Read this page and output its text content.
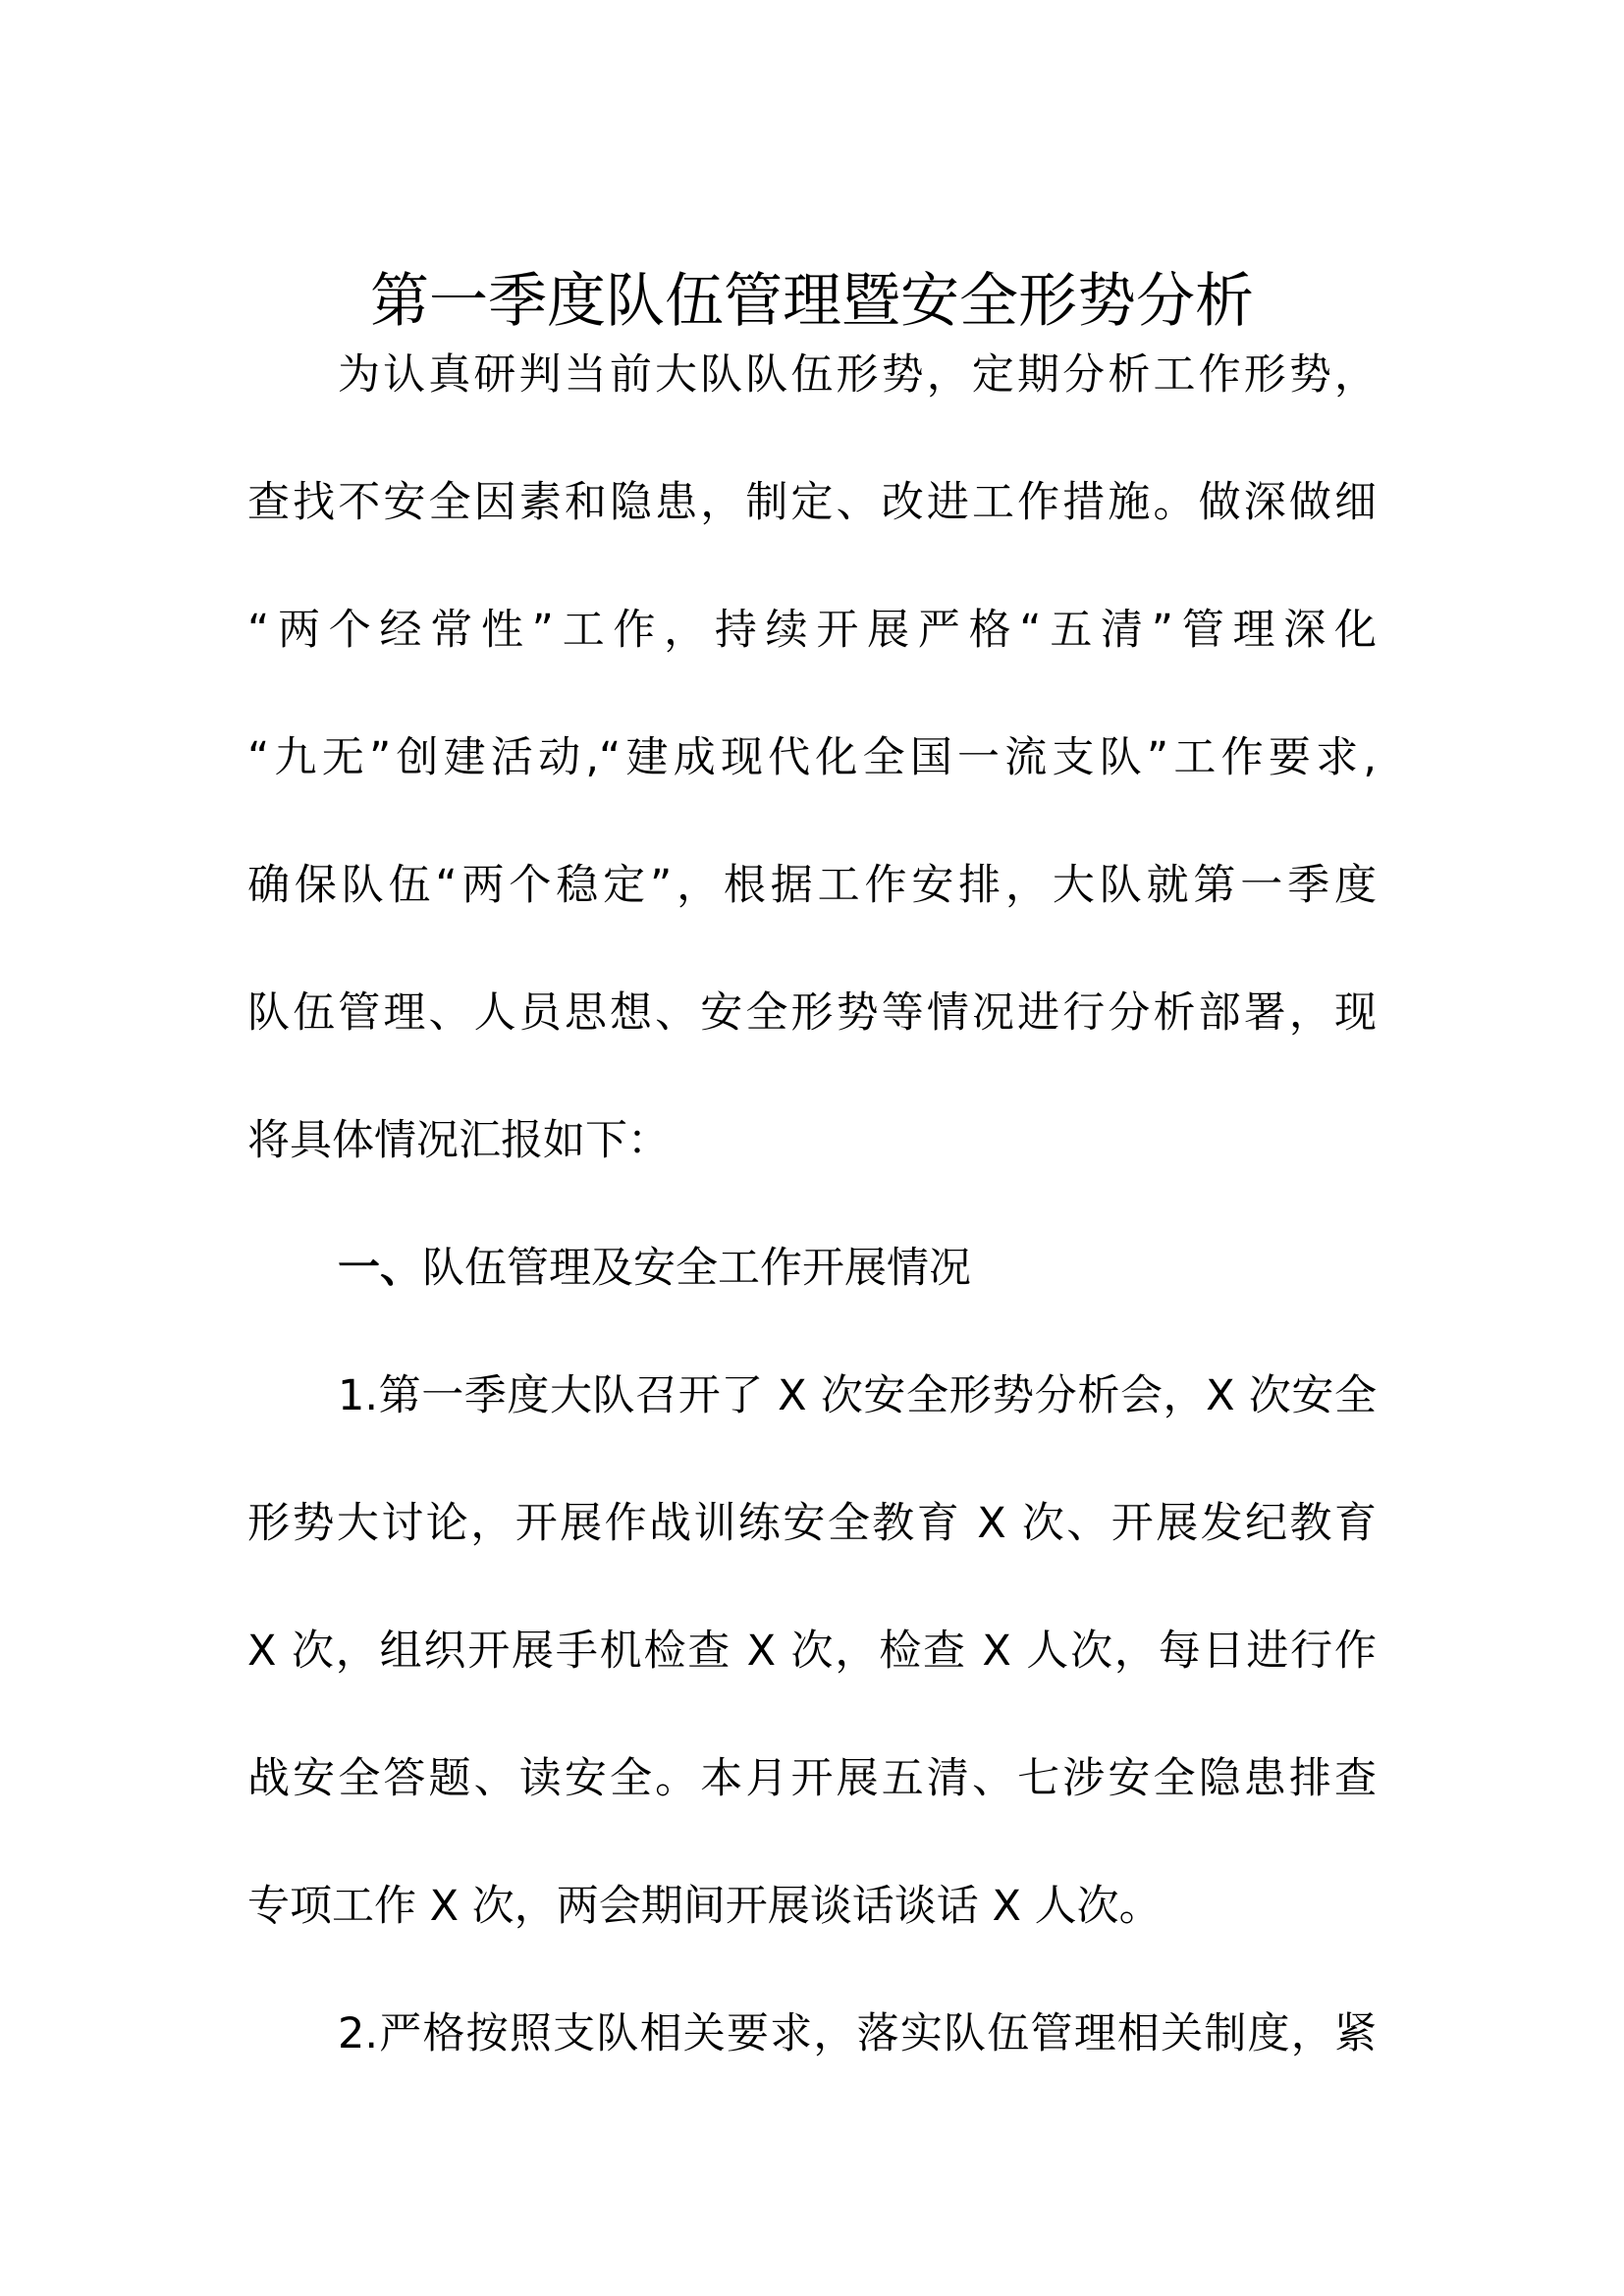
第一季度队伍管理暨安全形势分析
为认真研判当前大队队伍形势，定期分析工作形势，
查找不安全因素和隐患，制定、改进工作措施。做深做细
“两个经常性”工作，持续开展严格“五清”管理深化
“九无”创建活动,“建成现代化全国一流支队”工作要求,
确保队伍“两个稳定”，根据工作安排，大队就第一季度
队伍管理、人员思想、安全形势等情况进行分析部署，现
将具体情况汇报如下：
一、队伍管理及安全工作开展情况
1.第一季度大队召开了 X 次安全形势分析会，X 次安全
形势大讨论，开展作战训练安全教育 X 次、开展发纪教育
X 次，组织开展手机检查 X 次，检查 X 人次，每日进行作
战安全答题、读安全。本月开展五清、七涉安全隐患排查
专项工作 X 次，两会期间开展谈话谈话 X 人次。
2.严格按照支队相关要求，落实队伍管理相关制度，紧
